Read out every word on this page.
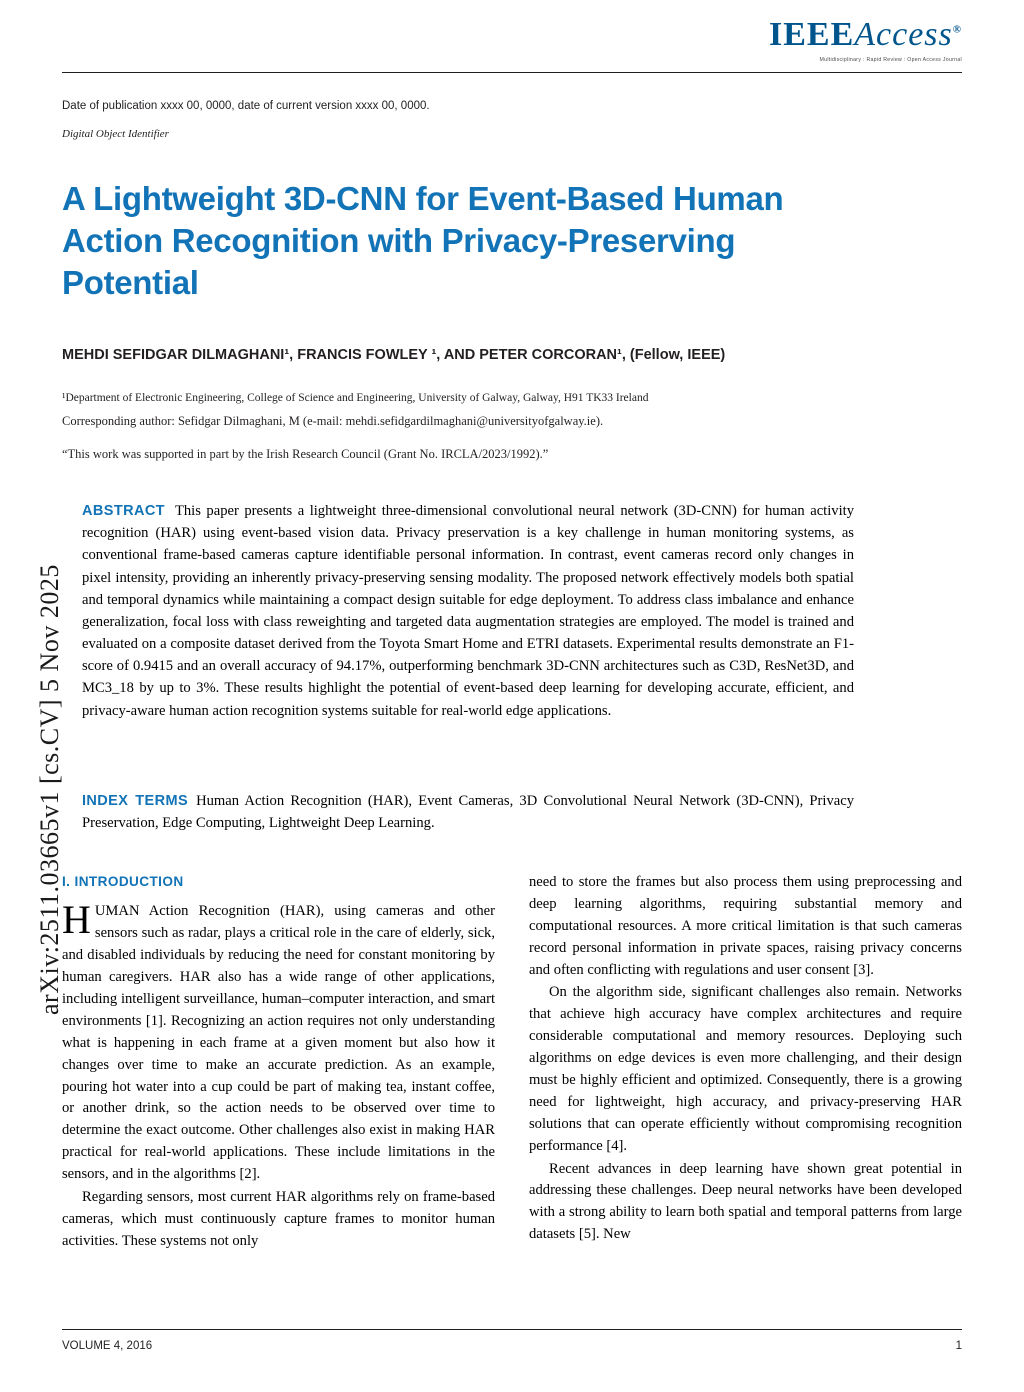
arXiv:2511.03665v1 [cs.CV] 5 Nov 2025
IEEEAccess®
Multidisciplinary : Rapid Review : Open Access Journal
Date of publication xxxx 00, 0000, date of current version xxxx 00, 0000.
Digital Object Identifier
A Lightweight 3D-CNN for Event-Based Human Action Recognition with Privacy-Preserving Potential
MEHDI SEFIDGAR DILMAGHANI¹, FRANCIS FOWLEY ¹, AND PETER CORCORAN¹, (Fellow, IEEE)
¹Department of Electronic Engineering, College of Science and Engineering, University of Galway, Galway, H91 TK33 Ireland
Corresponding author: Sefidgar Dilmaghani, M (e-mail: mehdi.sefidgardilmaghani@universityofgalway.ie).
“This work was supported in part by the Irish Research Council (Grant No. IRCLA/2023/1992).”
ABSTRACT This paper presents a lightweight three-dimensional convolutional neural network (3D-CNN) for human activity recognition (HAR) using event-based vision data. Privacy preservation is a key challenge in human monitoring systems, as conventional frame-based cameras capture identifiable personal information. In contrast, event cameras record only changes in pixel intensity, providing an inherently privacy-preserving sensing modality. The proposed network effectively models both spatial and temporal dynamics while maintaining a compact design suitable for edge deployment. To address class imbalance and enhance generalization, focal loss with class reweighting and targeted data augmentation strategies are employed. The model is trained and evaluated on a composite dataset derived from the Toyota Smart Home and ETRI datasets. Experimental results demonstrate an F1-score of 0.9415 and an overall accuracy of 94.17%, outperforming benchmark 3D-CNN architectures such as C3D, ResNet3D, and MC3_18 by up to 3%. These results highlight the potential of event-based deep learning for developing accurate, efficient, and privacy-aware human action recognition systems suitable for real-world edge applications.
INDEX TERMS Human Action Recognition (HAR), Event Cameras, 3D Convolutional Neural Network (3D-CNN), Privacy Preservation, Edge Computing, Lightweight Deep Learning.
I. INTRODUCTION

HUMAN Action Recognition (HAR), using cameras and other sensors such as radar, plays a critical role in the care of elderly, sick, and disabled individuals by reducing the need for constant monitoring by human caregivers. HAR also has a wide range of other applications, including intelligent surveillance, human–computer interaction, and smart environments [1]. Recognizing an action requires not only understanding what is happening in each frame at a given moment but also how it changes over time to make an accurate prediction. As an example, pouring hot water into a cup could be part of making tea, instant coffee, or another drink, so the action needs to be observed over time to determine the exact outcome. Other challenges also exist in making HAR practical for real-world applications. These include limitations in the sensors, and in the algorithms [2].

Regarding sensors, most current HAR algorithms rely on frame-based cameras, which must continuously capture frames to monitor human activities. These systems not only

need to store the frames but also process them using preprocessing and deep learning algorithms, requiring substantial memory and computational resources. A more critical limitation is that such cameras record personal information in private spaces, raising privacy concerns and often conflicting with regulations and user consent [3].

On the algorithm side, significant challenges also remain. Networks that achieve high accuracy have complex architectures and require considerable computational and memory resources. Deploying such algorithms on edge devices is even more challenging, and their design must be highly efficient and optimized. Consequently, there is a growing need for lightweight, high accuracy, and privacy-preserving HAR solutions that can operate efficiently without compromising recognition performance [4].

Recent advances in deep learning have shown great potential in addressing these challenges. Deep neural networks have been developed with a strong ability to learn both spatial and temporal patterns from large datasets [5]. New

VOLUME 4, 2016	1
